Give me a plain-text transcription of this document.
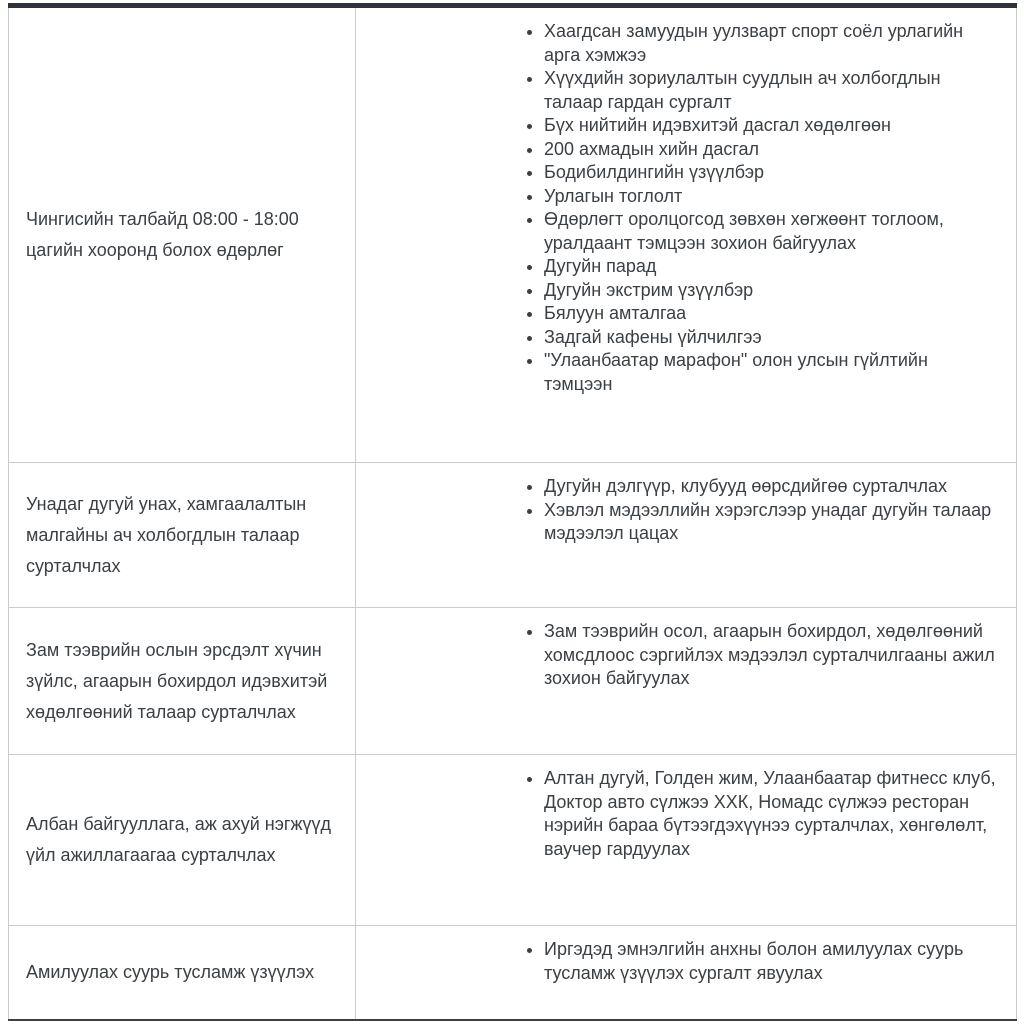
Чингисийн талбайд 08:00 - 18:00 цагийн хооронд болох өдөрлөг	
• Хаагдсан замуудын уулзварт спорт соёл урлагийн арга хэмжээ
• Хүүхдийн зориулалтын суудлын ач холбогдлын талаар гардан сургалт
• Бүх нийтийн идэвхитэй дасгал хөдөлгөөн
• 200 ахмадын хийн дасгал
• Бодибилдингийн үзүүлбэр
• Урлагын тоглолт
• Өдөрлөгт оролцогсод зөвхөн хөгжөөнт тоглоом, уралдаант тэмцээн зохион байгуулах
• Дугуйн парад
• Дугуйн экстрим үзүүлбэр
• Бялуун амталгаа
• Задгай кафены үйлчилгээ
• "Улаанбаатар марафон" олон улсын гүйлтийн тэмцээн

Унадаг дугуй унах, хамгаалалтын малгайны ач холбогдлын талаар сурталчлах	
• Дугуйн дэлгүүр, клубууд өөрсдийгөө сурталчлах
• Хэвлэл мэдээллийн хэрэгслээр унадаг дугуйн талаар мэдээлэл цацах

Зам тээврийн ослын эрсдэлт хүчин зүйлс, агаарын бохирдол идэвхитэй хөдөлгөөний талаар сурталчлах	
• Зам тээврийн осол, агаарын бохирдол, хөдөлгөөний хомсдлоос сэргийлэх мэдээлэл сурталчилгааны ажил зохион байгуулах

Албан байгууллага, аж ахуй нэгжүүд үйл ажиллагаагаа сурталчлах	
• Алтан дугуй, Голден жим, Улаанбаатар фитнесс клуб, Доктор авто сүлжээ ХХК, Номадс сүлжээ ресторан нэрийн бараа бүтээгдэхүүнээ сурталчлах, хөнгөлөлт, ваучер гардуулах

Амилуулах суурь тусламж үзүүлэх	
• Иргэдэд эмнэлгийн анхны болон амилуулах суурь тусламж үзүүлэх сургалт явуулах
